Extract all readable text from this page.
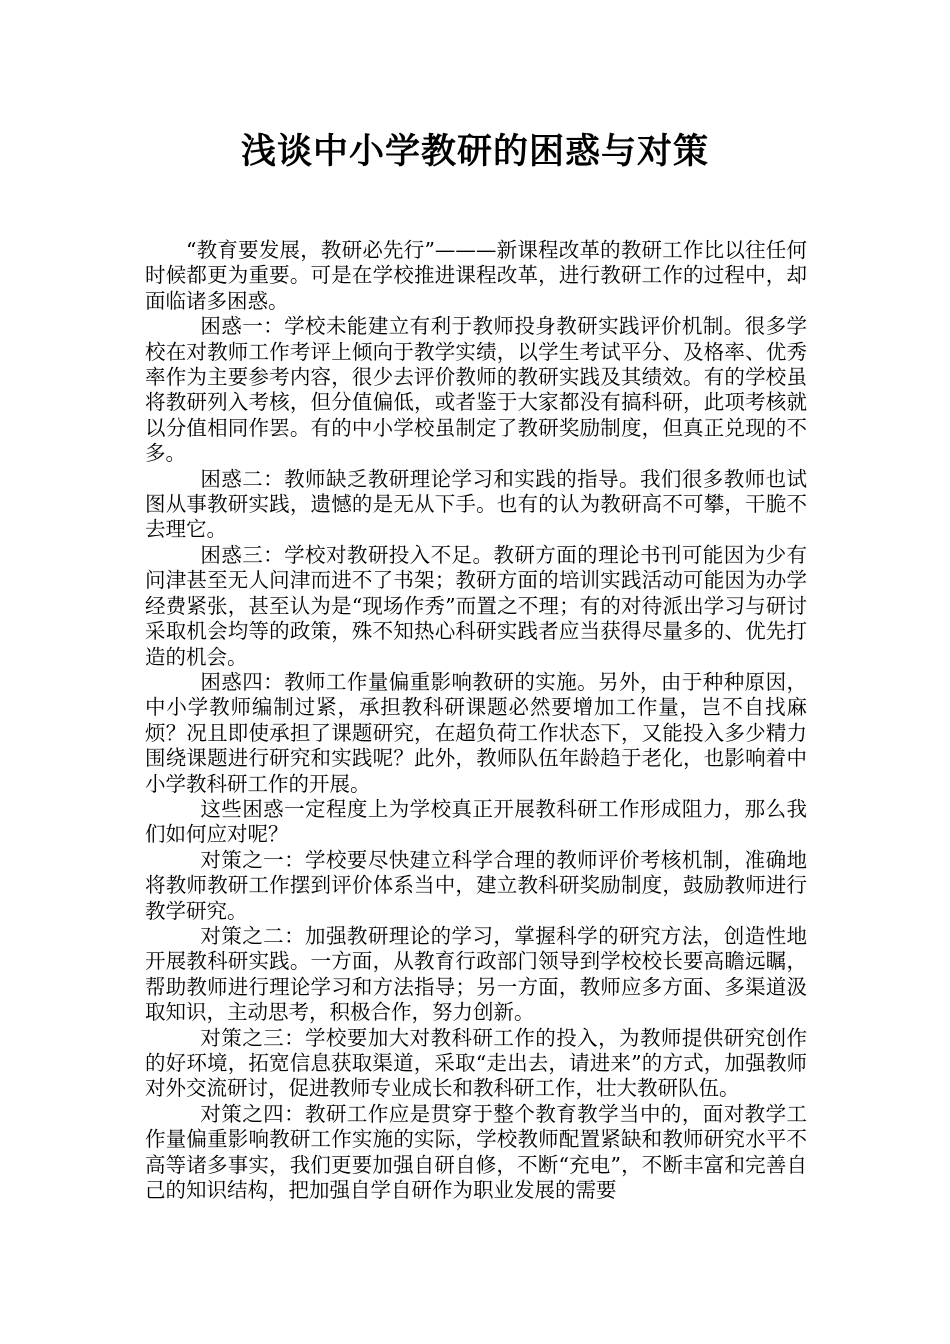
浅谈中小学教研的困惑与对策

“教育要发展，教研必先行”———新课程改革的教研工作比以往任何时候都更为重要。可是在学校推进课程改革，进行教研工作的过程中，却面临诸多困惑。

困惑一：学校未能建立有利于教师投身教研实践评价机制。很多学校在对教师工作考评上倾向于教学实绩，以学生考试平分、及格率、优秀率作为主要参考内容，很少去评价教师的教研实践及其绩效。有的学校虽将教研列入考核，但分值偏低，或者鉴于大家都没有搞科研，此项考核就以分值相同作罢。有的中小学校虽制定了教研奖励制度，但真正兑现的不多。

困惑二：教师缺乏教研理论学习和实践的指导。我们很多教师也试图从事教研实践，遗憾的是无从下手。也有的认为教研高不可攀，干脆不去理它。

困惑三：学校对教研投入不足。教研方面的理论书刊可能因为少有问津甚至无人问津而进不了书架；教研方面的培训实践活动可能因为办学经费紧张，甚至认为是“现场作秀”而置之不理；有的对待派出学习与研讨采取机会均等的政策，殊不知热心科研实践者应当获得尽量多的、优先打造的机会。

困惑四：教师工作量偏重影响教研的实施。另外，由于种种原因，中小学教师编制过紧，承担教科研课题必然要增加工作量，岂不自找麻烦？况且即使承担了课题研究，在超负荷工作状态下，又能投入多少精力围绕课题进行研究和实践呢？此外，教师队伍年龄趋于老化，也影响着中小学教科研工作的开展。

这些困惑一定程度上为学校真正开展教科研工作形成阻力，那么我们如何应对呢？

对策之一：学校要尽快建立科学合理的教师评价考核机制，准确地将教师教研工作摆到评价体系当中，建立教科研奖励制度，鼓励教师进行教学研究。

对策之二：加强教研理论的学习，掌握科学的研究方法，创造性地开展教科研实践。一方面，从教育行政部门领导到学校校长要高瞻远瞩，帮助教师进行理论学习和方法指导；另一方面，教师应多方面、多渠道汲取知识，主动思考，积极合作，努力创新。

对策之三：学校要加大对教科研工作的投入，为教师提供研究创作的好环境，拓宽信息获取渠道，采取“走出去，请进来”的方式，加强教师对外交流研讨，促进教师专业成长和教科研工作，壮大教研队伍。

对策之四：教研工作应是贯穿于整个教育教学当中的，面对教学工作量偏重影响教研工作实施的实际，学校教师配置紧缺和教师研究水平不高等诸多事实，我们更要加强自研自修，不断“充电”，不断丰富和完善自己的知识结构，把加强自学自研作为职业发展的需要
